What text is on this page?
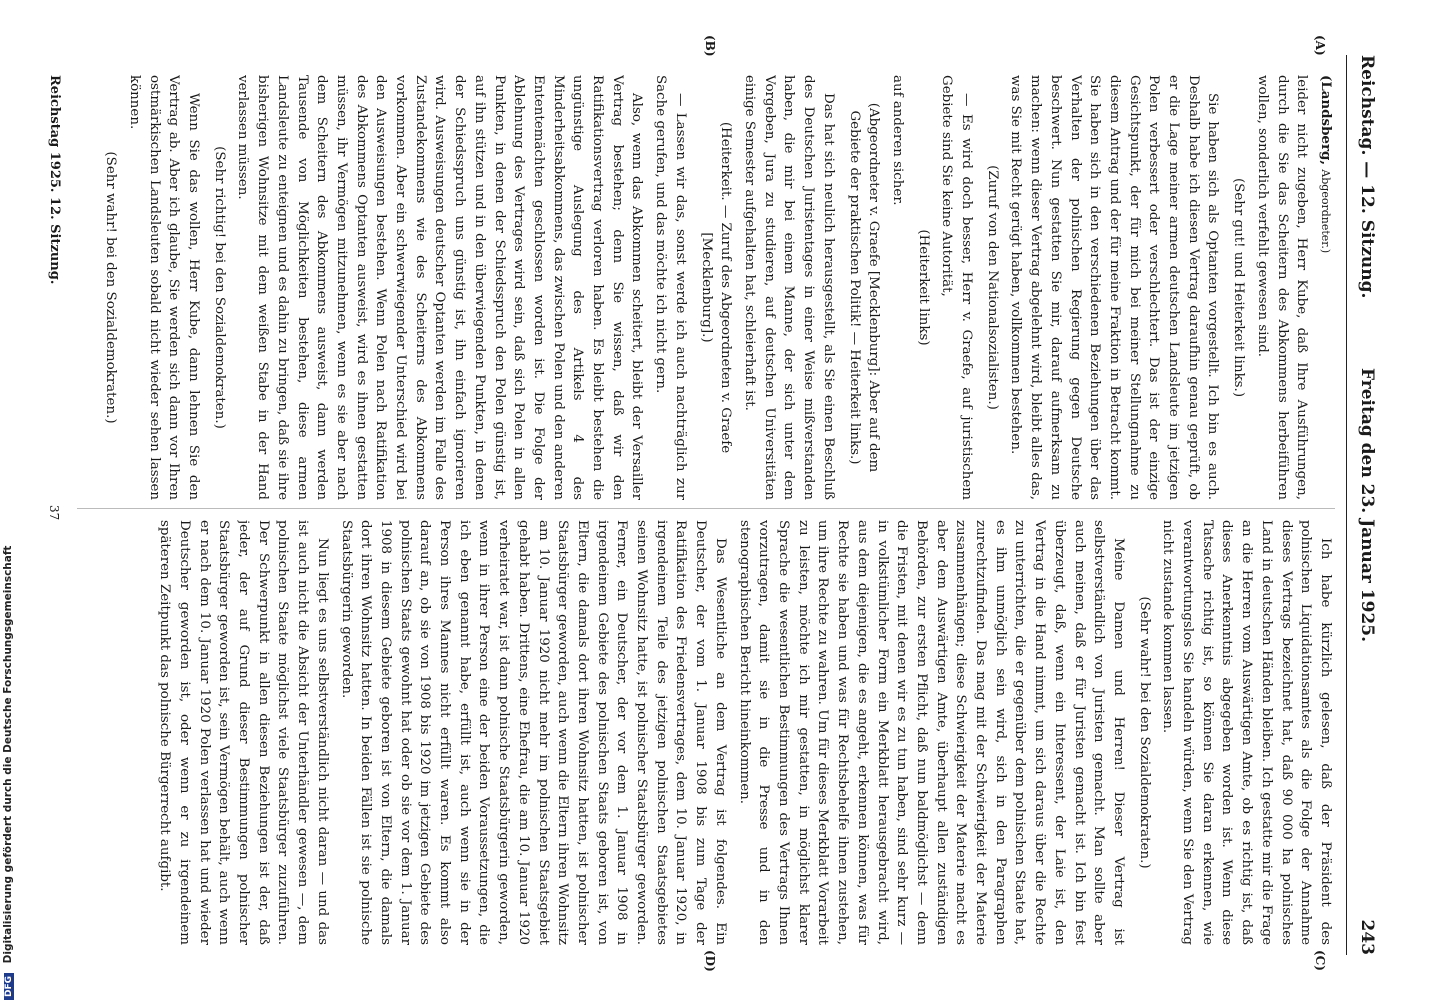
Reichstag. — 12. Sitzung.
Freitag den 23. Januar 1925.
243
(A)
(B)
(C)
(D)

(Landsberg, Abgeordneter.)

leider nicht zugeben, Herr Kube, daß Ihre Ausführungen, durch die Sie das Scheitern des Abkommens herbeiführen wollen, sonderlich verfehlt gewesen sind.

(Sehr gut! und Heiterkeit links.)

Sie haben sich als Optanten vorgestellt. Ich bin es auch. Deshalb habe ich diesen Vertrag daraufhin genau geprüft, ob er die Lage meiner armen deutschen Landsleute im jetzigen Polen verbessert oder verschlechtert. Das ist der einzige Gesichtspunkt, der für mich bei meiner Stellungnahme zu diesem Antrag und der für meine Fraktion in Betracht kommt. Sie haben sich in den verschiedenen Beziehungen über das Verhalten der polnischen Regierung gegen Deutsche beschwert. Nun gestatten Sie mir, darauf aufmerksam zu machen: wenn dieser Vertrag abgelehnt wird, bleibt alles das, was Sie mit Recht gerügt haben, vollkommen bestehen.

(Zuruf von den Nationalsozialisten.)

— Es wird doch besser, Herr v. Graefe, auf juristischem Gebiete sind Sie keine Autorität,

(Heiterkeit links)

auf anderen sicher.

(Abgeordneter v. Graefe [Mecklenburg]: Aber auf dem Gebiete der praktischen Politik! — Heiterkeit links.)

Das hat sich neulich herausgestellt, als Sie einen Beschluß des Deutschen Juristentages in einer Weise mißverstanden haben, die mir bei einem Manne, der sich unter dem Vorgeben, Jura zu studieren, auf deutschen Universitäten einige Semester aufgehalten hat, schleierhaft ist.

(Heiterkeit. — Zuruf des Abgeordneten v. Graefe [Mecklenburg].)

— Lassen wir das, sonst werde ich auch nachträglich zur Sache gerufen, und das möchte ich nicht gern.

Also, wenn das Abkommen scheitert, bleibt der Versailler Vertrag bestehen; denn Sie wissen, daß wir den Ratifikationsvertrag verloren haben. Es bleibt bestehen die ungünstige Auslegung des Artikels 4 des Minderheitsabkommens, das zwischen Polen und den anderen Ententemächten geschlossen worden ist. Die Folge der Ablehnung des Vertrages wird sein, daß sich Polen in allen Punkten, in denen der Schiedsspruch den Polen günstig ist, auf ihn stützen und in den überwiegenden Punkten, in denen der Schiedsspruch uns günstig ist, ihn einfach ignorieren wird. Ausweisungen deutscher Optanten werden im Falle des Zustandekommens wie des Scheiterns des Abkommens vorkommen. Aber ein schwerwiegender Unterschied wird bei den Ausweisungen bestehen. Wenn Polen nach Ratifikation des Abkommens Optanten ausweist, wird es ihnen gestatten müssen, ihr Vermögen mitzunehmen, wenn es sie aber nach dem Scheitern des Abkommens ausweist, dann werden Tausende von Möglichkeiten bestehen, diese armen Landsleute zu enteignen und es dahin zu bringen, daß sie ihre bisherigen Wohnsitze mit dem weißen Stabe in der Hand verlassen müssen.

(Sehr richtig! bei den Sozialdemokraten.)

Wenn Sie das wollen, Herr Kube, dann lehnen Sie den Vertrag ab. Aber ich glaube, Sie werden sich dann vor Ihren ostmärkischen Landsleuten sobald nicht wieder sehen lassen können.

(Sehr wahr! bei den Sozialdemokraten.)

Ich habe kürzlich gelesen, daß der Präsident des polnischen Liquidationsamtes als die Folge der Annahme dieses Vertrags bezeichnet hat, daß 90 000 ha polnisches Land in deutschen Händen bleiben. Ich gestatte mir die Frage an die Herren vom Auswärtigen Amte, ob es richtig ist, daß dieses Anerkenntnis abgegeben worden ist. Wenn diese Tatsache richtig ist, so können Sie daran erkennen, wie verantwortungslos Sie handeln würden, wenn Sie den Vertrag nicht zustande kommen lassen.

(Sehr wahr! bei den Sozialdemokraten.)

Meine Damen und Herren! Dieser Vertrag ist selbstverständlich von Juristen gemacht. Man sollte aber auch meinen, daß er für Juristen gemacht ist. Ich bin fest überzeugt, daß, wenn ein Interessent, der Laie ist, den Vertrag in die Hand nimmt, um sich daraus über die Rechte zu unterrichten, die er gegenüber dem polnischen Staate hat, es ihm unmöglich sein wird, sich in den Paragraphen zurechtzufinden. Das mag mit der Schwierigkeit der Materie zusammenhängen; diese Schwierigkeit der Materie macht es aber dem Auswärtigen Amte, überhaupt allen zuständigen Behörden, zur ersten Pflicht, daß nun baldmöglichst — denn die Fristen, mit denen wir es zu tun haben, sind sehr kurz — in volkstümlicher Form ein Merkblatt herausgebracht wird, aus dem diejenigen, die es angeht, erkennen können, was für Rechte sie haben und was für Rechtsbehelfe ihnen zustehen, um ihre Rechte zu wahren. Um für dieses Merkblatt Vorarbeit zu leisten, möchte ich mir gestatten, in möglichst klarer Sprache die wesentlichen Bestimmungen des Vertrags Ihnen vorzutragen, damit sie in die Presse und in den stenographischen Bericht hineinkommen.

Das Wesentliche an dem Vertrag ist folgendes. Ein Deutscher, der vom 1. Januar 1908 bis zum Tage der Ratifikation des Friedensvertrages, dem 10. Januar 1920, in irgendeinem Teile des jetzigen polnischen Staatsgebietes seinen Wohnsitz hatte, ist polnischer Staatsbürger geworden. Ferner, ein Deutscher, der vor dem 1. Januar 1908 in irgendeinem Gebiete des polnischen Staats geboren ist, von Eltern, die damals dort ihren Wohnsitz hatten, ist polnischer Staatsbürger geworden, auch wenn die Eltern ihren Wohnsitz am 10. Januar 1920 nicht mehr im polnischen Staatsgebiet gehabt haben. Drittens, eine Ehefrau, die am 10. Januar 1920 verheiratet war, ist dann polnische Staatsbürgerin geworden, wenn in ihrer Person eine der beiden Voraussetzungen, die ich eben genannt habe, erfüllt ist, auch wenn sie in der Person ihres Mannes nicht erfüllt waren. Es kommt also darauf an, ob sie von 1908 bis 1920 im jetzigen Gebiete des polnischen Staats gewohnt hat oder ob sie vor dem 1. Januar 1908 in diesem Gebiete geboren ist von Eltern, die damals dort ihren Wohnsitz hatten. In beiden Fällen ist sie polnische Staatsbürgerin geworden.

Nun liegt es uns selbstverständlich nicht daran — und das ist auch nicht die Absicht der Unterhändler gewesen —, dem polnischen Staate möglichst viele Staatsbürger zuzuführen. Der Schwerpunkt in allen diesen Beziehungen ist der, daß jeder, der auf Grund dieser Bestimmungen polnischer Staatsbürger geworden ist, sein Vermögen behält, auch wenn er nach dem 10. Januar 1920 Polen verlassen hat und wieder Deutscher geworden ist, oder wenn er zu irgendeinem späteren Zeitpunkt das polnische Bürgerrecht aufgibt.

Reichstag 1925. 12. Sitzung.
37
DFG Digitalisierung gefördert durch die Deutsche Forschungsgemeinschaft
